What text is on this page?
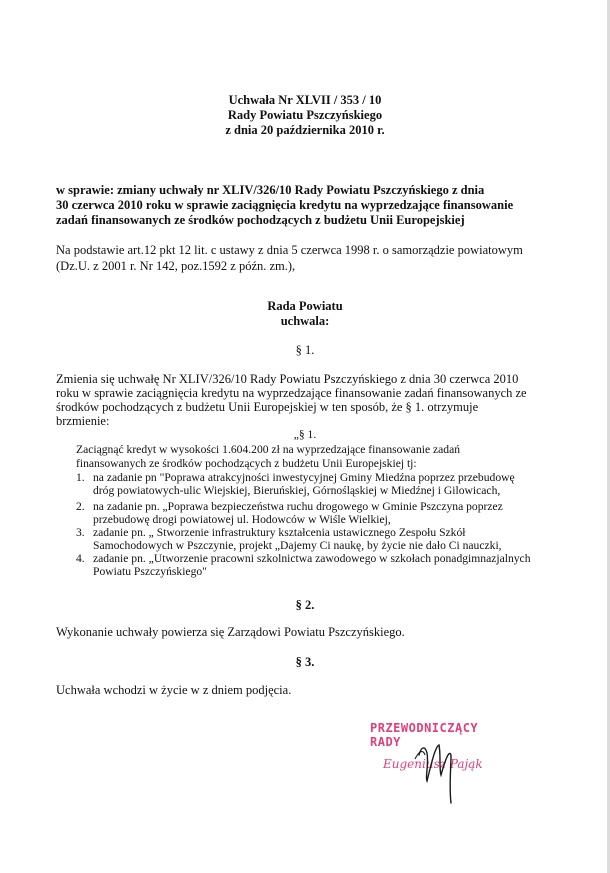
Uchwała Nr XLVII / 353 / 10

Rady Powiatu Pszczyńskiego

z dnia 20 października 2010 r.

w sprawie: zmiany uchwały nr XLIV/326/10 Rady Powiatu Pszczyńskiego z dnia

30 czerwca 2010 roku w sprawie zaciągnięcia kredytu na wyprzedzające finansowanie

zadań finansowanych ze środków pochodzących z budżetu Unii Europejskiej

Na podstawie art.12 pkt 12 lit. c ustawy z dnia 5 czerwca 1998 r. o samorządzie powiatowym

(Dz.U. z 2001 r. Nr 142, poz.1592 z późn. zm.),

Rada Powiatu

uchwala:

§ 1.

Zmienia się uchwałę Nr XLIV/326/10 Rady Powiatu Pszczyńskiego z dnia 30 czerwca 2010

roku w sprawie zaciągnięcia kredytu na wyprzedzające finansowanie zadań finansowanych ze

środków pochodzących z budżetu Unii Europejskiej w ten sposób, że § 1. otrzymuje

brzmienie:

„§ 1.

Zaciągnąć kredyt w wysokości 1.604.200 zł na wyprzedzające finansowanie zadań

finansowanych ze środków pochodzących z budżetu Unii Europejskiej tj:

1. na zadanie pn "Poprawa atrakcyjności inwestycyjnej Gminy Miedźna poprzez przebudowę
dróg powiatowych-ulic Wiejskiej, Bieruńskiej, Górnośląskiej w Miedźnej i Gilowicach,
2. na zadanie pn. „Poprawa bezpieczeństwa ruchu drogowego w Gminie Pszczyna poprzez
przebudowę drogi powiatowej ul. Hodowców w Wiśle Wielkiej,
3. zadanie pn. „ Stworzenie infrastruktury kształcenia ustawicznego Zespołu Szkół
Samochodowych w Pszczynie, projekt „Dajemy Ci naukę, by życie nie dało Ci nauczki,
4. zadanie pn. „Utworzenie pracowni szkolnictwa zawodowego w szkołach ponadgimnazjalnych
Powiatu Pszczyńskiego"

§ 2.

Wykonanie uchwały powierza się Zarządowi Powiatu Pszczyńskiego.

§ 3.

Uchwała wchodzi w życie w z dniem podjęcia.

PRZEWODNICZĄCY RADY

Eugeniusz Pająk
